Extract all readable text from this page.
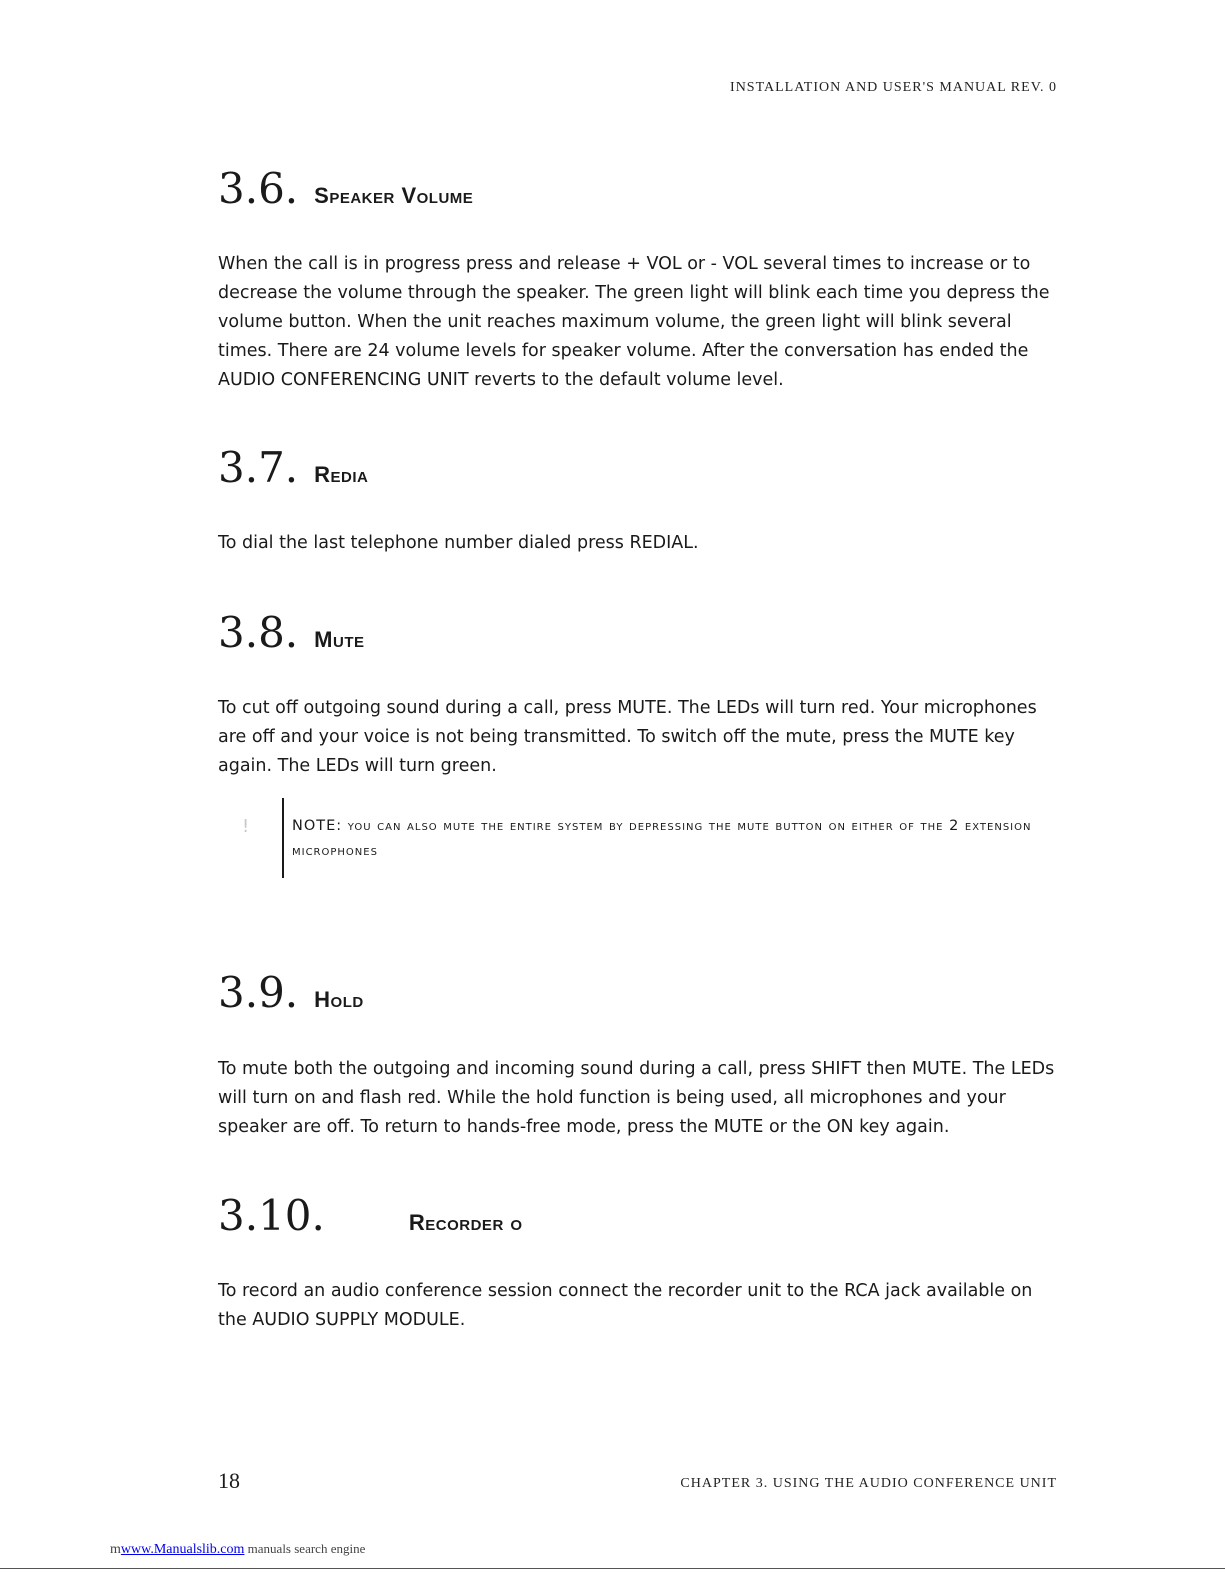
INSTALLATION AND USER'S MANUAL REV. 0
3.6. Speaker Volume

When the call is in progress press and release + VOL or - VOL several times to increase or to decrease the volume through the speaker. The green light will blink each time you depress the volume button. When the unit reaches maximum volume, the green light will blink several times. There are 24 volume levels for speaker volume. After the conversation has ended the AUDIO CONFERENCING UNIT reverts to the default volume level.

3.7. Redia

To dial the last telephone number dialed press REDIAL.

3.8. Mute

To cut off outgoing sound during a call, press MUTE. The LEDs will turn red. Your microphones are off and your voice is not being transmitted. To switch off the mute, press the MUTE key again. The LEDs will turn green.

!	NOTE: you can also mute the entire system by depressing the mute button on either of the 2 extension microphones

3.9. Hold

To mute both the outgoing and incoming sound during a call, press SHIFT then MUTE. The LEDs will turn on and flash red. While the hold function is being used, all microphones and your speaker are off. To return to hands-free mode, press the MUTE or the ON key again.

3.10.	Recorder o

To record an audio conference session connect the recorder unit to the RCA jack available on the AUDIO SUPPLY MODULE.

18	CHAPTER 3. USING THE AUDIO CONFERENCE UNIT
mwww.Manualslib.com manuals search engine
